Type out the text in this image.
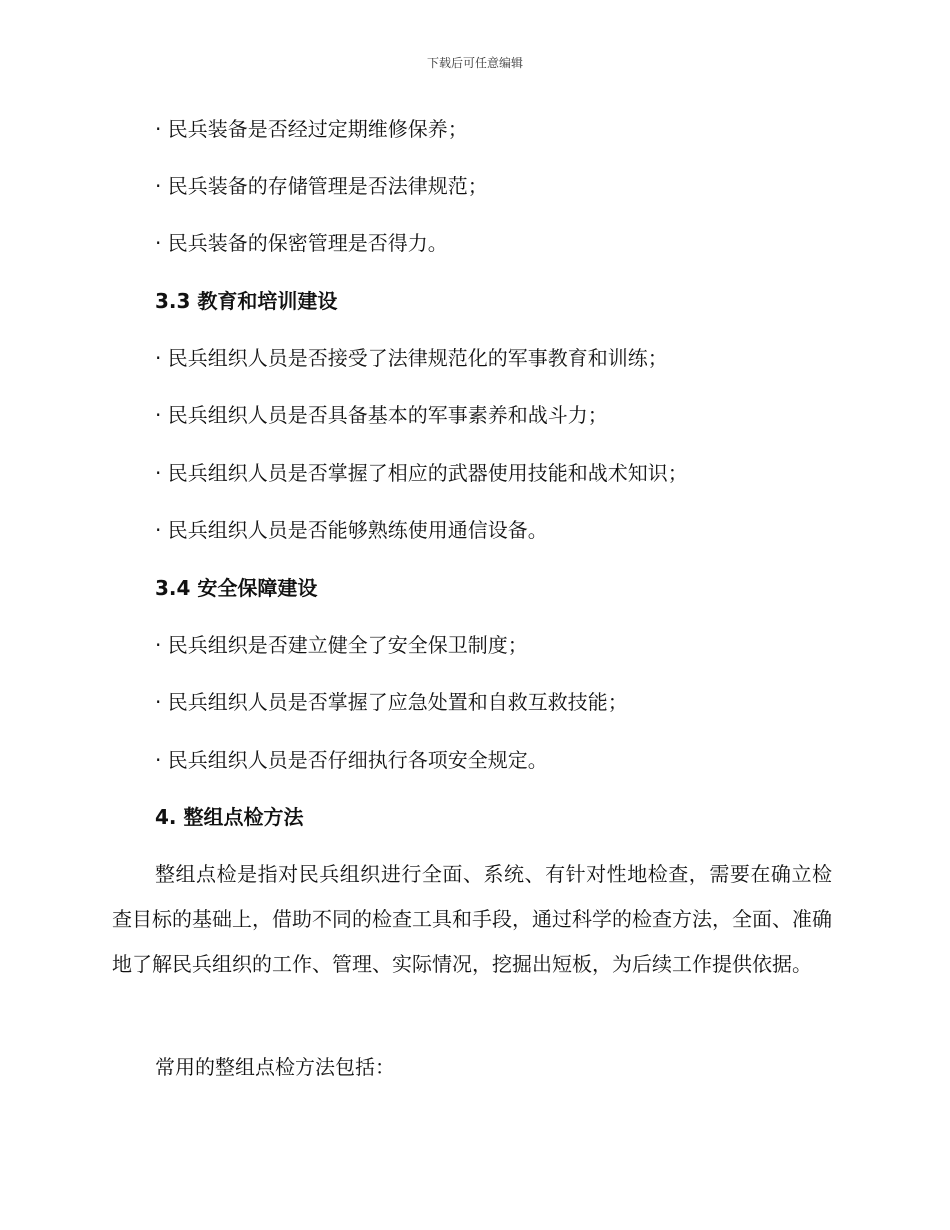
下载后可任意编辑
· 民兵装备是否经过定期维修保养；
· 民兵装备的存储管理是否法律规范；
· 民兵装备的保密管理是否得力。
3.3 教育和培训建设
· 民兵组织人员是否接受了法律规范化的军事教育和训练；
· 民兵组织人员是否具备基本的军事素养和战斗力；
· 民兵组织人员是否掌握了相应的武器使用技能和战术知识；
· 民兵组织人员是否能够熟练使用通信设备。
3.4 安全保障建设
· 民兵组织是否建立健全了安全保卫制度；
· 民兵组织人员是否掌握了应急处置和自救互救技能；
· 民兵组织人员是否仔细执行各项安全规定。
4. 整组点检方法
整组点检是指对民兵组织进行全面、系统、有针对性地检查，需要在确立检查目标的基础上，借助不同的检查工具和手段，通过科学的检查方法，全面、准确地了解民兵组织的工作、管理、实际情况，挖掘出短板，为后续工作提供依据。
常用的整组点检方法包括：
